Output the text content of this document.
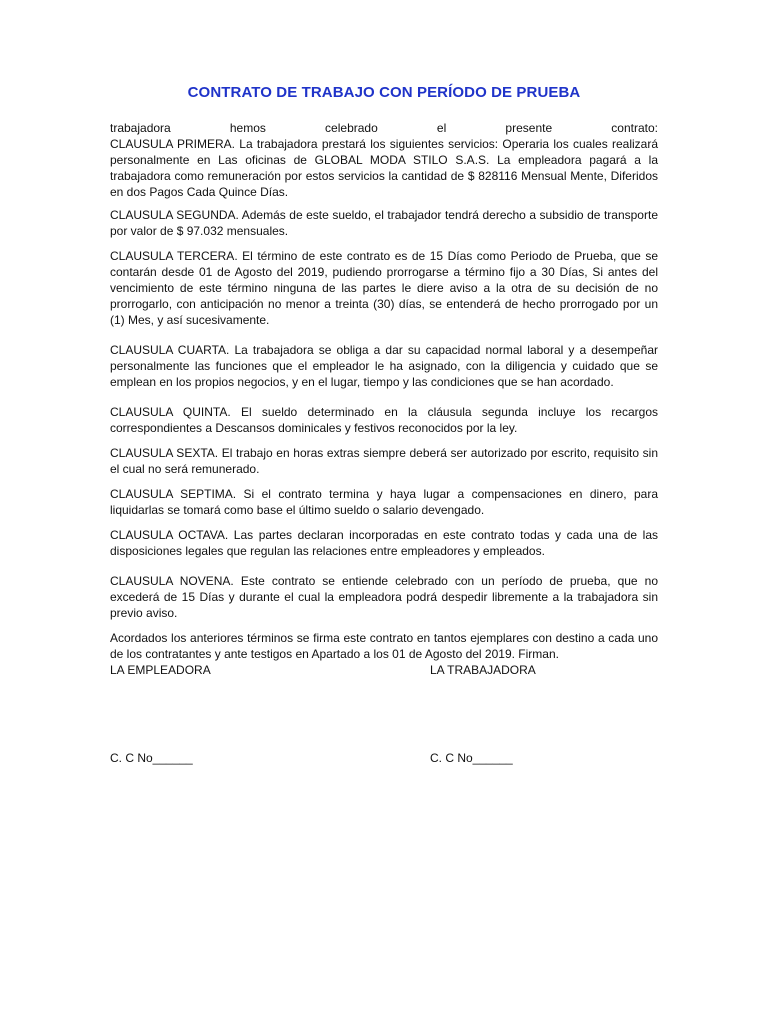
CONTRATO DE TRABAJO CON PERÍODO DE PRUEBA

trabajadora hemos celebrado el presente contrato:
CLAUSULA PRIMERA. La trabajadora prestará los siguientes servicios: Operaria los cuales realizará personalmente en Las oficinas de GLOBAL MODA STILO S.A.S. La empleadora pagará a la trabajadora como remuneración por estos servicios la cantidad de $ 828116 Mensual Mente, Diferidos en dos Pagos Cada Quince Días.

CLAUSULA SEGUNDA. Además de este sueldo, el trabajador tendrá derecho a subsidio de transporte por valor de $ 97.032 mensuales.

CLAUSULA TERCERA. El término de este contrato es de 15 Días como Periodo de Prueba, que se contarán desde 01 de Agosto del 2019, pudiendo prorrogarse a término fijo a 30 Días, Si antes del vencimiento de este término ninguna de las partes le diere aviso a la otra de su decisión de no prorrogarlo, con anticipación no menor a treinta (30) días, se entenderá de hecho prorrogado por un (1) Mes, y así sucesivamente.

CLAUSULA CUARTA. La trabajadora se obliga a dar su capacidad normal laboral y a desempeñar personalmente las funciones que el empleador le ha asignado, con la diligencia y cuidado que se emplean en los propios negocios, y en el lugar, tiempo y las condiciones que se han acordado.

CLAUSULA QUINTA. El sueldo determinado en la cláusula segunda incluye los recargos correspondientes a Descansos dominicales y festivos reconocidos por la ley.

CLAUSULA SEXTA. El trabajo en horas extras siempre deberá ser autorizado por escrito, requisito sin el cual no será remunerado.

CLAUSULA SEPTIMA. Si el contrato termina y haya lugar a compensaciones en dinero, para liquidarlas se tomará como base el último sueldo o salario devengado.

CLAUSULA OCTAVA. Las partes declaran incorporadas en este contrato todas y cada una de las disposiciones legales que regulan las relaciones entre empleadores y empleados.

CLAUSULA NOVENA. Este contrato se entiende celebrado con un período de prueba, que no excederá de 15 Días y durante el cual la empleadora podrá despedir libremente a la trabajadora sin previo aviso.

Acordados los anteriores términos se firma este contrato en tantos ejemplares con destino a cada uno de los contratantes y ante testigos en Apartado a los 01 de Agosto del 2019. Firman.

LA EMPLEADORA	LA TRABAJADORA
C. C No______	C. C No______
